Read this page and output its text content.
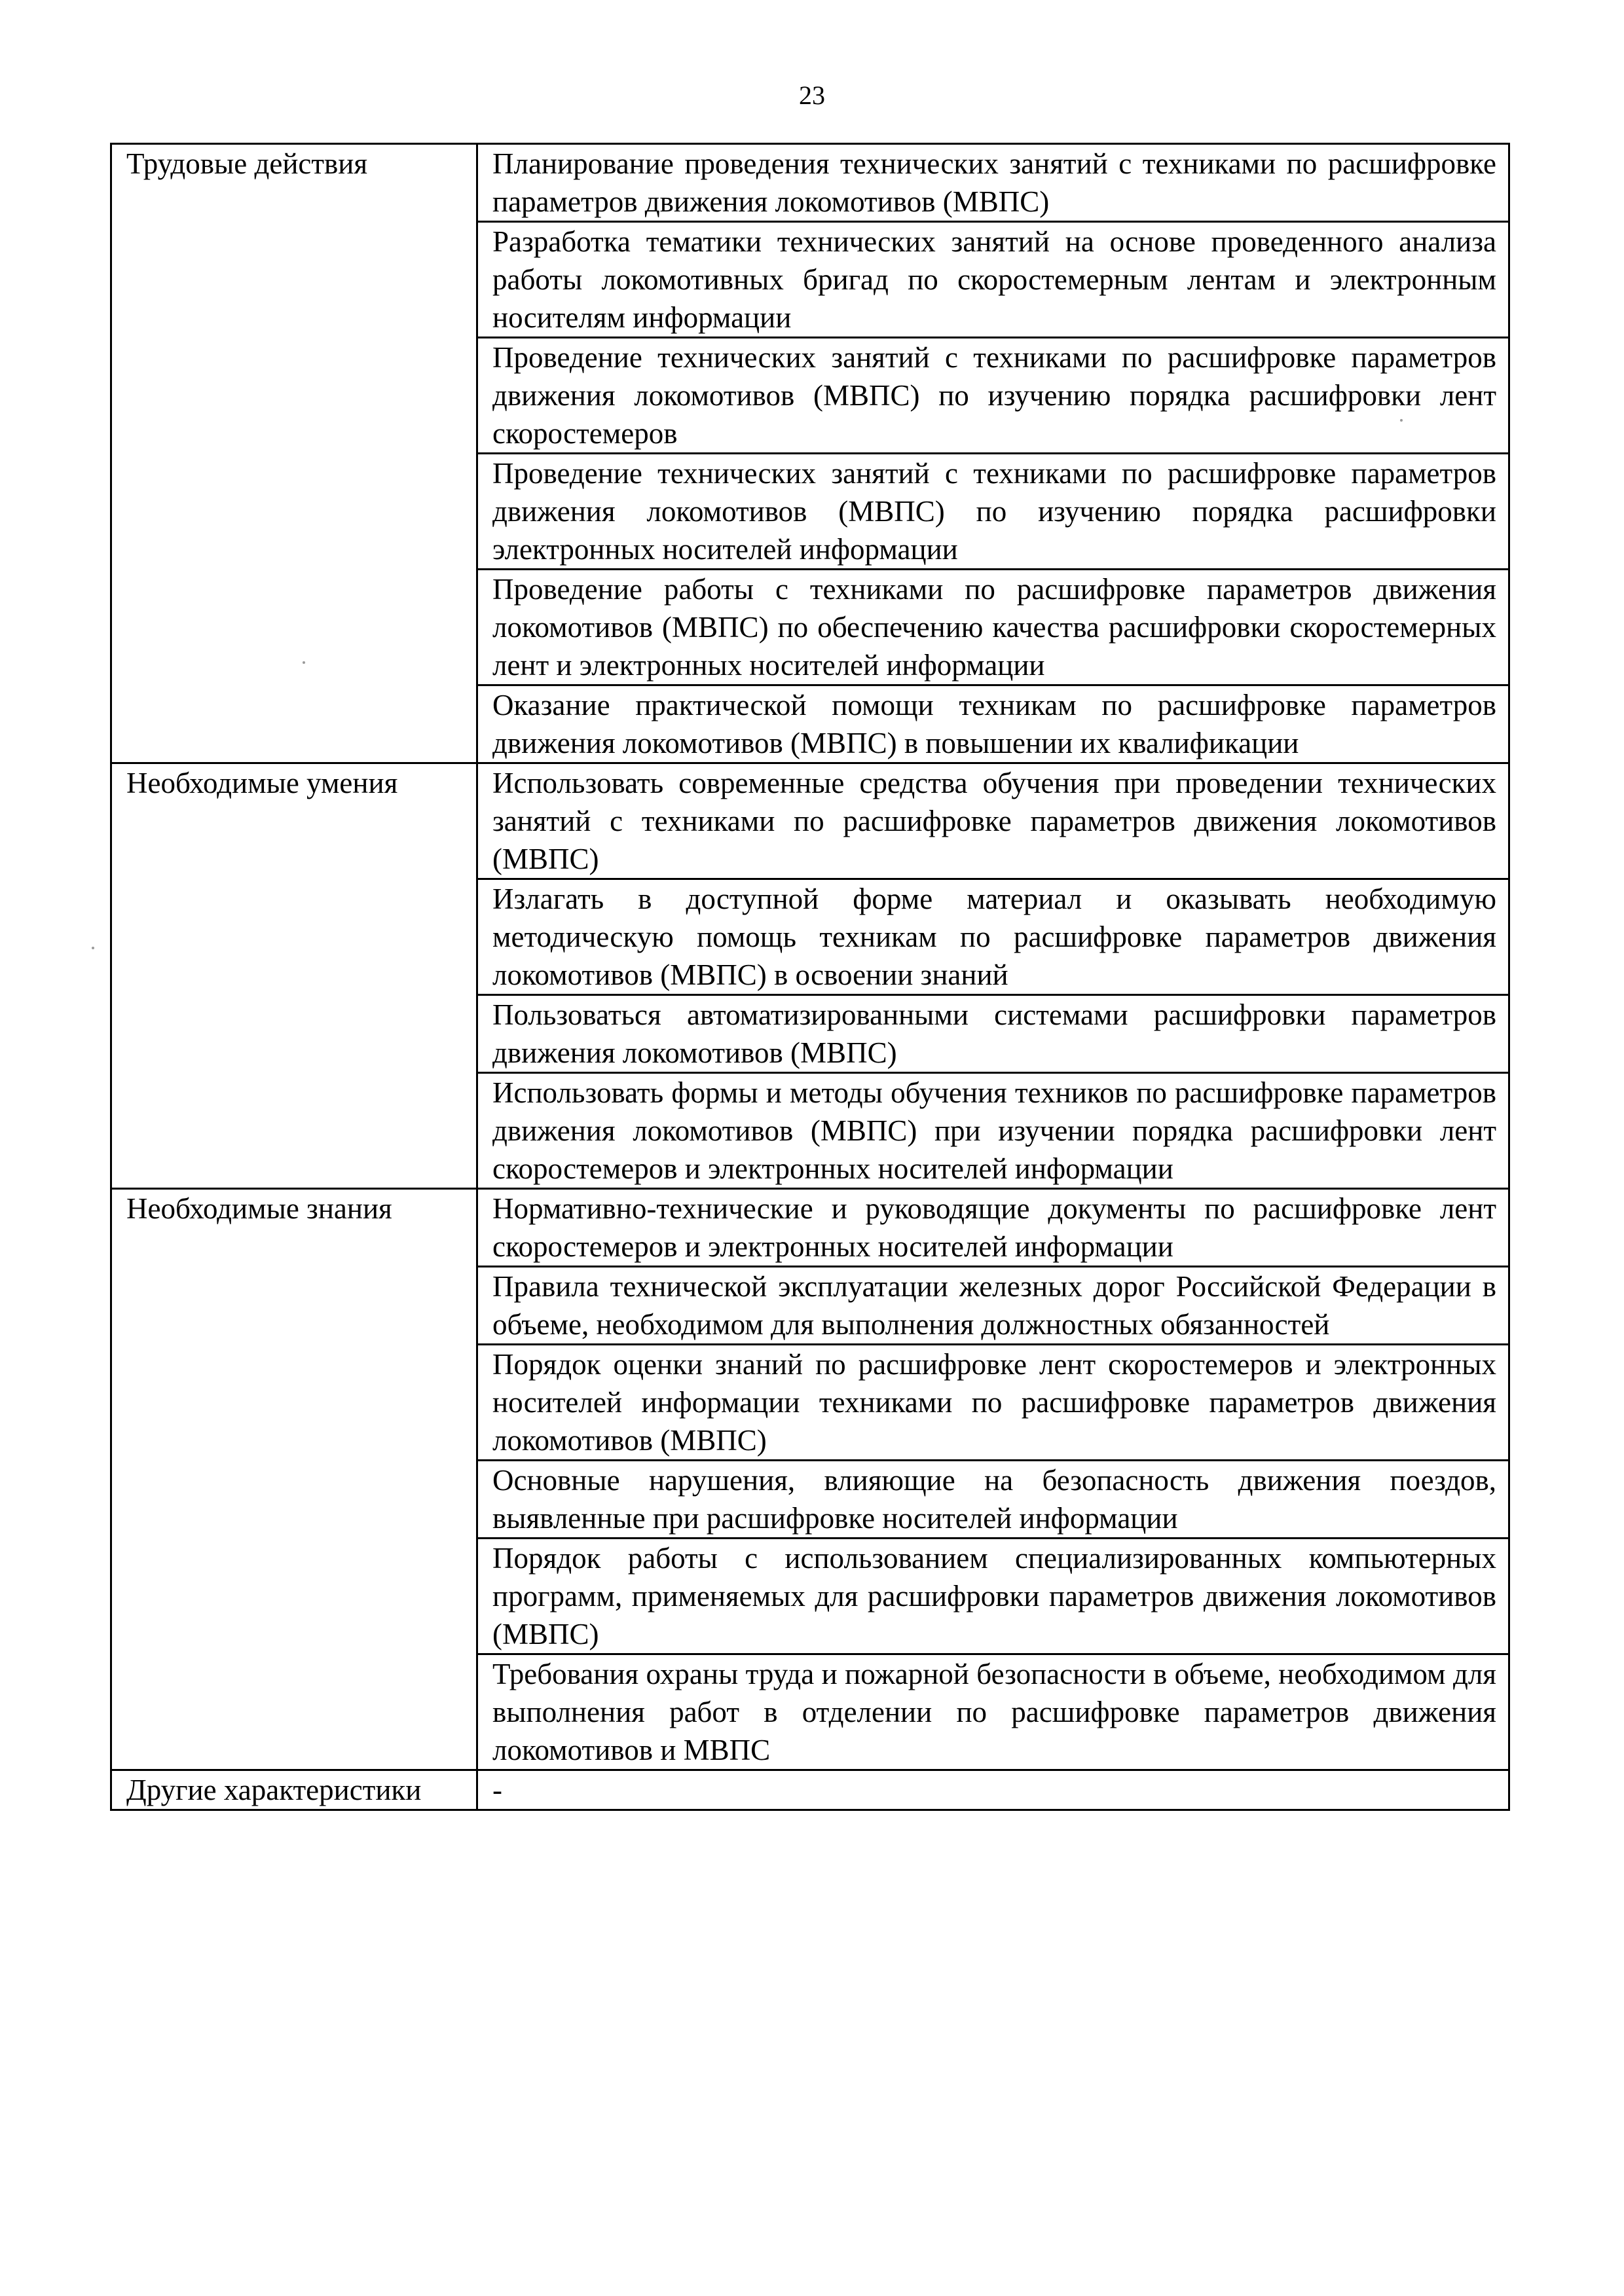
23
Трудовые действия	Планирование проведения технических занятий с техниками по расшифровке параметров движения локомотивов (МВПС)
	Разработка тематики технических занятий на основе проведенного анализа работы локомотивных бригад по скоростемерным лентам и электронным носителям информации
	Проведение технических занятий с техниками по расшифровке параметров движения локомотивов (МВПС) по изучению порядка расшифровки лент скоростемеров
	Проведение технических занятий с техниками по расшифровке параметров движения локомотивов (МВПС) по изучению порядка расшифровки электронных носителей информации
	Проведение работы с техниками по расшифровке параметров движения локомотивов (МВПС) по обеспечению качества расшифровки скоростемерных лент и электронных носителей информации
	Оказание практической помощи техникам по расшифровке параметров движения локомотивов (МВПС) в повышении их квалификации
Необходимые умения	Использовать современные средства обучения при проведении технических занятий с техниками по расшифровке параметров движения локомотивов (МВПС)
	Излагать в доступной форме материал и оказывать необходимую методическую помощь техникам по расшифровке параметров движения локомотивов (МВПС) в освоении знаний
	Пользоваться автоматизированными системами расшифровки параметров движения локомотивов (МВПС)
	Использовать формы и методы обучения техников по расшифровке параметров движения локомотивов (МВПС) при изучении порядка расшифровки лент скоростемеров и электронных носителей информации
Необходимые знания	Нормативно-технические и руководящие документы по расшифровке лент скоростемеров и электронных носителей информации
	Правила технической эксплуатации железных дорог Российской Федерации в объеме, необходимом для выполнения должностных обязанностей
	Порядок оценки знаний по расшифровке лент скоростемеров и электронных носителей информации техниками по расшифровке параметров движения локомотивов (МВПС)
	Основные нарушения, влияющие на безопасность движения поездов, выявленные при расшифровке носителей информации
	Порядок работы с использованием специализированных компьютерных программ, применяемых для расшифровки параметров движения локомотивов (МВПС)
	Требования охраны труда и пожарной безопасности в объеме, необходимом для выполнения работ в отделении по расшифровке параметров движения локомотивов и МВПС
Другие характеристики	-
